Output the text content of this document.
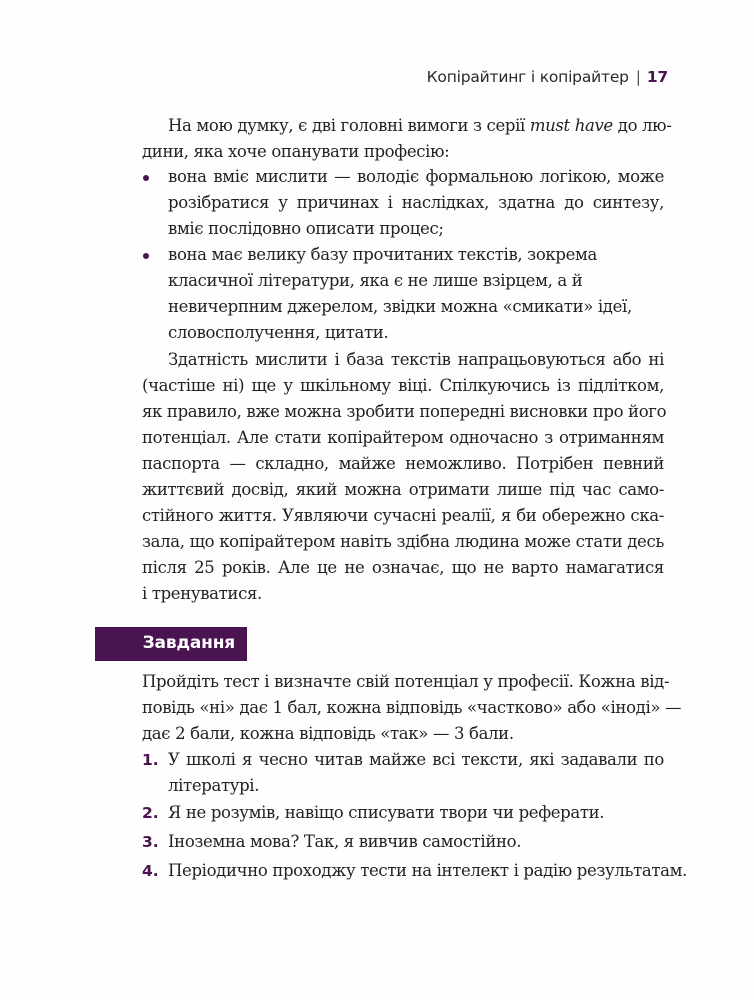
Копірайтинг і копірайтер | 17
На мою думку, є дві головні вимоги з серії must have до лю-
дини, яка хоче опанувати професію:
вона вміє мислити — володіє формальною логікою, може
розібратися у причинах і наслідках, здатна до синтезу,
вміє послідовно описати процес;
вона має велику базу прочитаних текстів, зокрема
класичної літератури, яка є не лише взірцем, а й
невичерпним джерелом, звідки можна «смикати» ідеї,
словосполучення, цитати.
Здатність мислити і база текстів напрацьовуються або ні
(частіше ні) ще у шкільному віці. Спілкуючись із підлітком,
як правило, вже можна зробити попередні висновки про його
потенціал. Але стати копірайтером одночасно з отриманням
паспорта — складно, майже неможливо. Потрібен певний
життєвий досвід, який можна отримати лише під час само-
стійного життя. Уявляючи сучасні реалії, я би обережно ска-
зала, що копірайтером навіть здібна людина може стати десь
після 25 років. Але це не означає, що не варто намагатися
і тренуватися.
Завдання
Пройдіть тест і визначте свій потенціал у професії. Кожна від-
повідь «ні» дає 1 бал, кожна відповідь «частково» або «іноді» —
дає 2 бали, кожна відповідь «так» — 3 бали.
1. У школі я чесно читав майже всі тексти, які задавали по
літературі.
2. Я не розумів, навіщо списувати твори чи реферати.
3. Іноземна мова? Так, я вивчив самостійно.
4. Періодично проходжу тести на інтелект і радію результатам.
